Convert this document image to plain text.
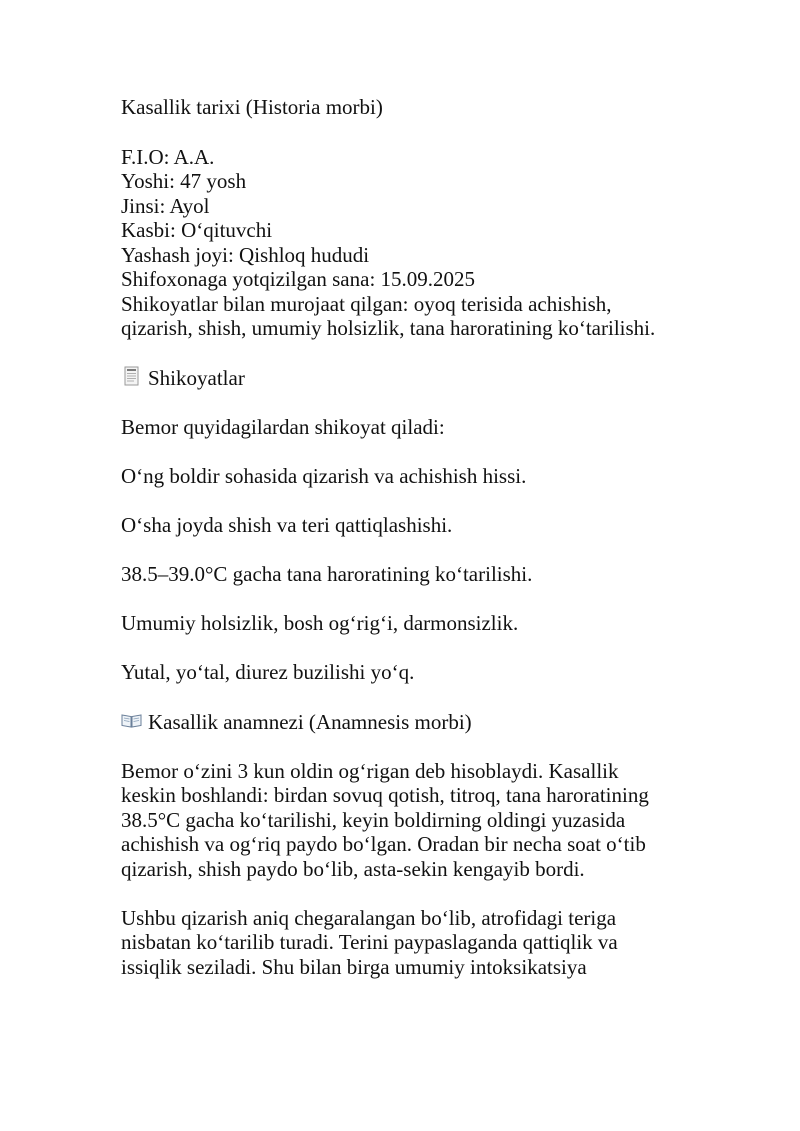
Kasallik tarixi (Historia morbi)

F.I.O: A.A.

Yoshi: 47 yosh

Jinsi: Ayol

Kasbi: O‘qituvchi

Yashash joyi: Qishloq hududi

Shifoxonaga yotqizilgan sana: 15.09.2025

Shikoyatlar bilan murojaat qilgan: oyoq terisida achishish,

qizarish, shish, umumiy holsizlik, tana haroratining ko‘tarilishi.

Shikoyatlar

Bemor quyidagilardan shikoyat qiladi:

O‘ng boldir sohasida qizarish va achishish hissi.

O‘sha joyda shish va teri qattiqlashishi.

38.5–39.0°C gacha tana haroratining ko‘tarilishi.

Umumiy holsizlik, bosh og‘rig‘i, darmonsizlik.

Yutal, yo‘tal, diurez buzilishi yo‘q.

Kasallik anamnezi (Anamnesis morbi)

Bemor o‘zini 3 kun oldin og‘rigan deb hisoblaydi. Kasallik

keskin boshlandi: birdan sovuq qotish, titroq, tana haroratining

38.5°C gacha ko‘tarilishi, keyin boldirning oldingi yuzasida

achishish va og‘riq paydo bo‘lgan. Oradan bir necha soat o‘tib

qizarish, shish paydo bo‘lib, asta-sekin kengayib bordi.

Ushbu qizarish aniq chegaralangan bo‘lib, atrofidagi teriga

nisbatan ko‘tarilib turadi. Terini paypaslaganda qattiqlik va

issiqlik seziladi. Shu bilan birga umumiy intoksikatsiya
